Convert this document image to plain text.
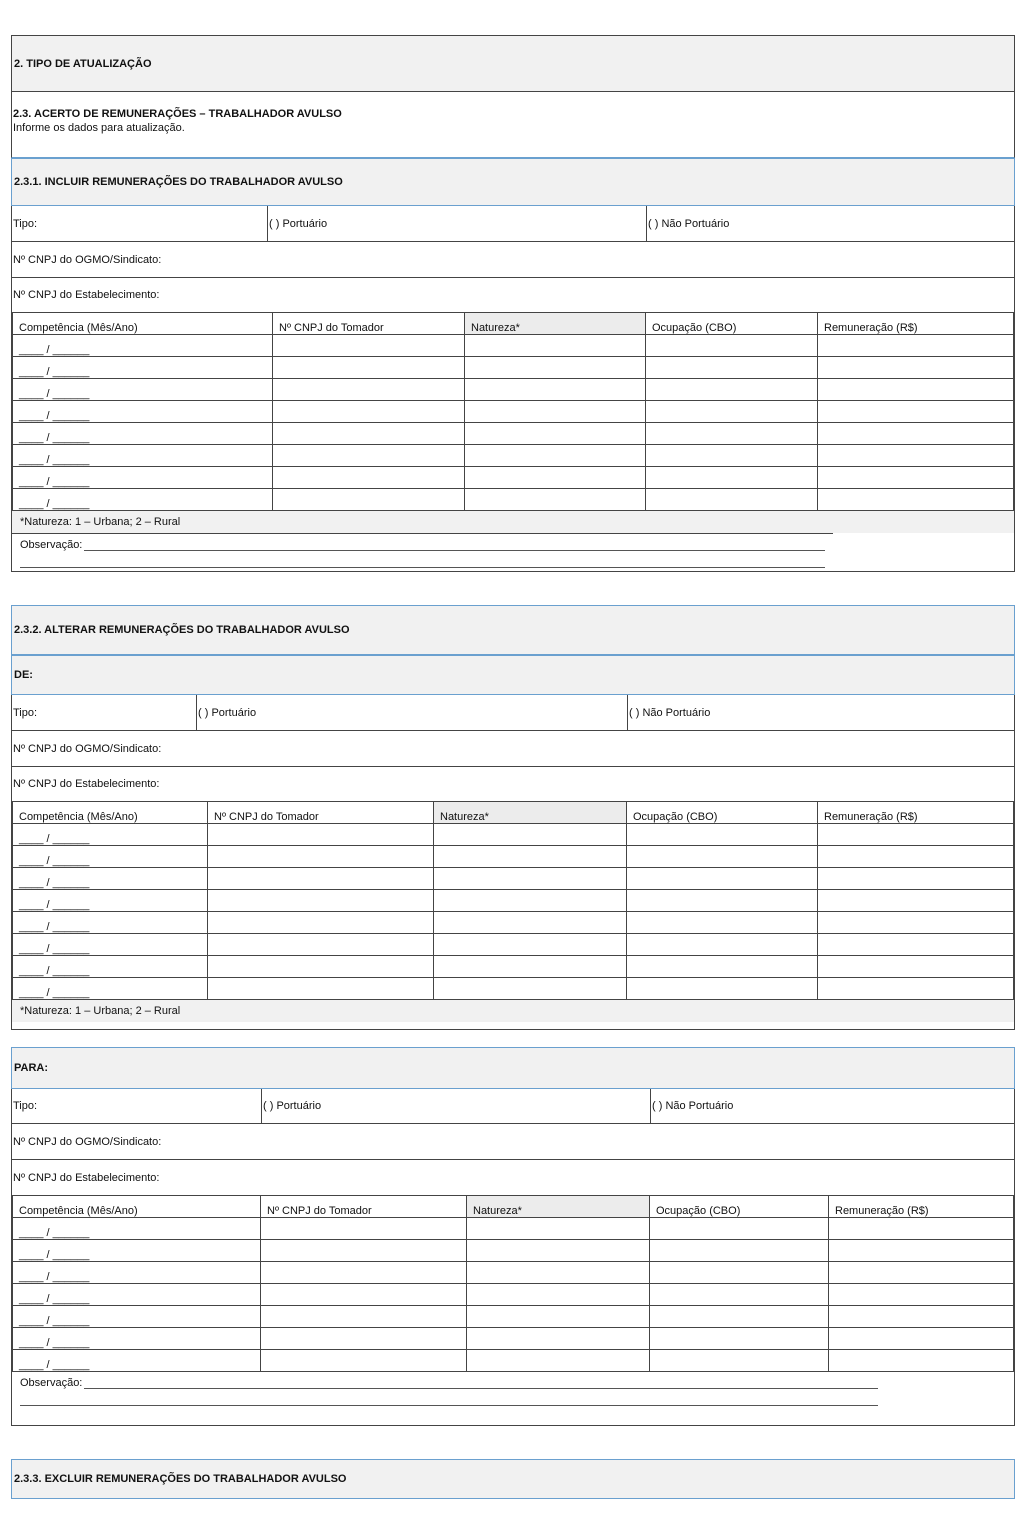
2. TIPO DE ATUALIZAÇÃO
2.3. ACERTO DE REMUNERAÇÕES – TRABALHADOR AVULSO
Informe os dados para atualização.
2.3.1. INCLUIR REMUNERAÇÕES DO TRABALHADOR AVULSO
Tipo:	( ) Portuário	( ) Não Portuário
Nº CNPJ do OGMO/Sindicato:
Nº CNPJ do Estabelecimento:
Competência (Mês/Ano)	Nº CNPJ do Tomador	Natureza*	Ocupação (CBO)	Remuneração (R$)
____ / ______				
____ / ______				
____ / ______				
____ / ______				
____ / ______				
____ / ______				
____ / ______				
____ / ______				
*Natureza: 1 – Urbana; 2 – Rural
Observação:
2.3.2. ALTERAR REMUNERAÇÕES DO TRABALHADOR AVULSO
DE:
Tipo:	( ) Portuário	( ) Não Portuário
Nº CNPJ do OGMO/Sindicato:
Nº CNPJ do Estabelecimento:
Competência (Mês/Ano)	Nº CNPJ do Tomador	Natureza*	Ocupação (CBO)	Remuneração (R$)
____ / ______				
____ / ______				
____ / ______				
____ / ______				
____ / ______				
____ / ______				
____ / ______				
____ / ______				
*Natureza: 1 – Urbana; 2 – Rural
PARA:
Tipo:	( ) Portuário	( ) Não Portuário
Nº CNPJ do OGMO/Sindicato:
Nº CNPJ do Estabelecimento:
Competência (Mês/Ano)	Nº CNPJ do Tomador	Natureza*	Ocupação (CBO)	Remuneração (R$)
____ / ______				
____ / ______				
____ / ______				
____ / ______				
____ / ______				
____ / ______				
____ / ______				
Observação:
2.3.3. EXCLUIR REMUNERAÇÕES DO TRABALHADOR AVULSO
